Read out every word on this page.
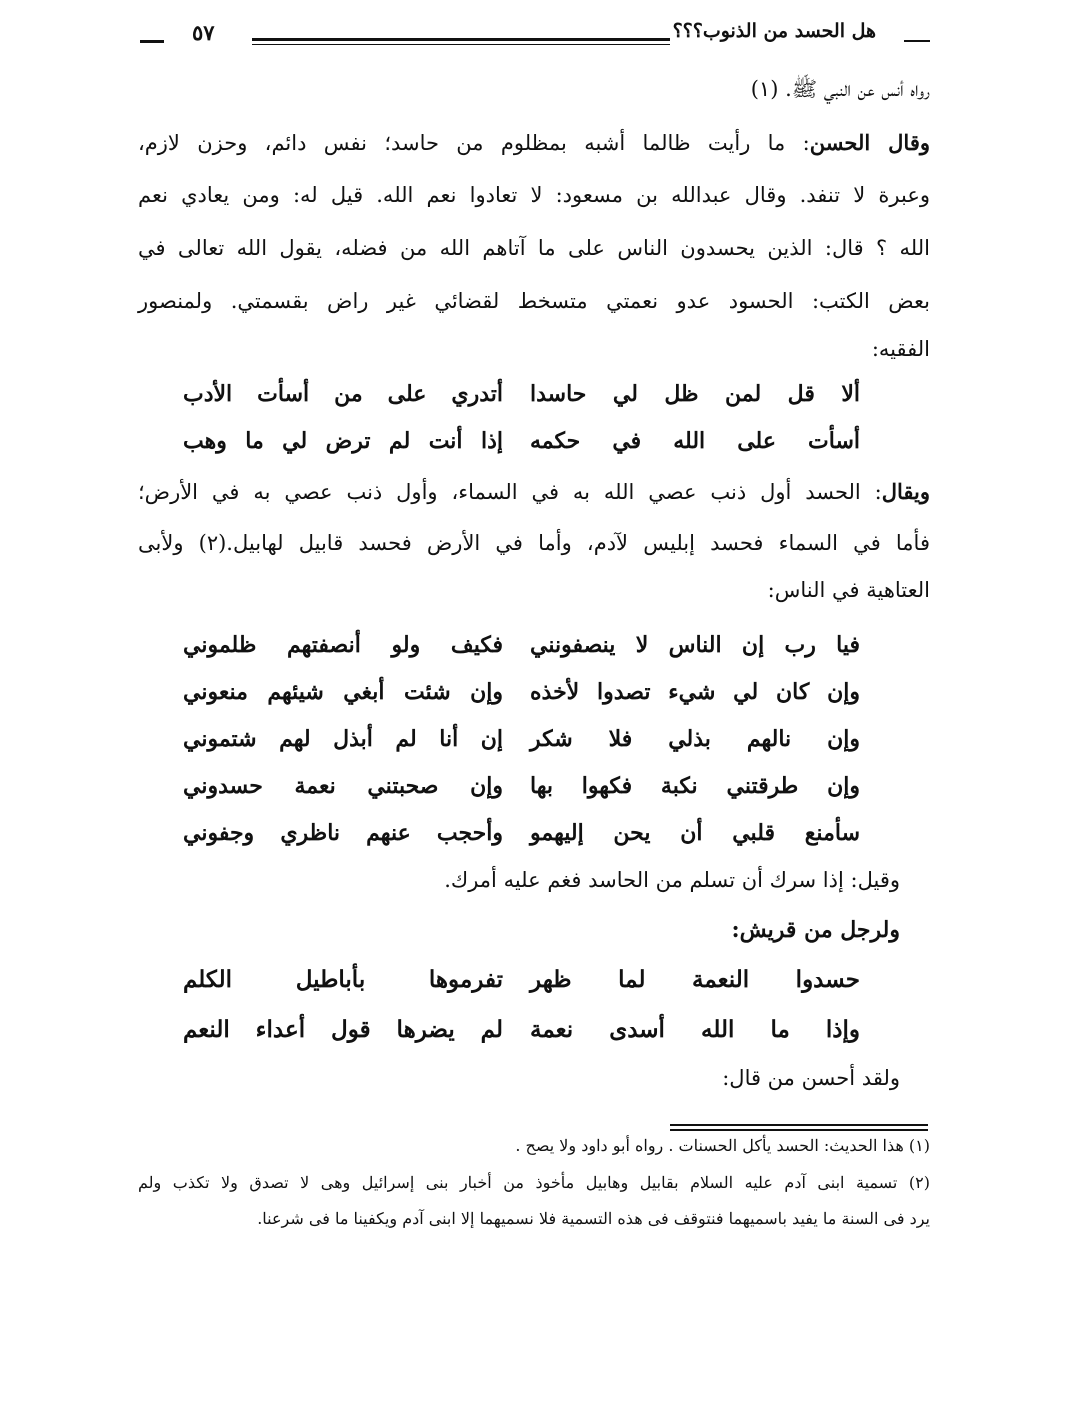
هل الحسد من الذنوب؟؟؟
٥٧
رواه أنس عن النبي ﷺ. (١)
وقال الحسن: ما رأيت ظالما أشبه بمظلوم من حاسد؛ نفس دائم، وحزن لازم،
وعبرة لا تنفد. وقال عبدالله بن مسعود: لا تعادوا نعم الله. قيل له: ومن يعادي نعم
الله ؟ قال: الذين يحسدون الناس على ما آتاهم الله من فضله، يقول الله تعالى في
بعض الكتب: الحسود عدو نعمتي متسخط لقضائي غير راض بقسمتي. ولمنصور
الفقيه:
ألا قل لمن ظل لي حاسدا
أتدري على من أسأت الأدب
أسأت على الله في حكمه
إذا أنت لم ترض لي ما وهب
ويقال: الحسد أول ذنب عصي الله به في السماء، وأول ذنب عصي به في الأرض؛
فأما في السماء فحسد إبليس لآدم، وأما في الأرض فحسد قابيل لهابيل.(٢) ولأبى
العتاهية في الناس:
فيا رب إن الناس لا ينصفونني
فكيف ولو أنصفتهم ظلموني
وإن كان لي شيء تصدوا لأخذه
وإن شئت أبغي شيئهم منعوني
وإن نالهم بذلي فلا شكر
إن أنا لم أبذل لهم شتموني
وإن طرقتني نكبة فكهوا بها
وإن صحبتني نعمة حسدوني
سأمنع قلبي أن يحن إليهمو
وأحجب عنهم ناظري وجفوني
وقيل: إذا سرك أن تسلم من الحاسد فغم عليه أمرك.
ولرجل من قريش:
حسدوا النعمة لما ظهر
تفرموها بأباطيل الكلم
وإذا ما الله أسدى نعمة
لم يضرها قول أعداء النعم
ولقد أحسن من قال:
(١) هذا الحديث: الحسد يأكل الحسنات . رواه أبو داود ولا يصح .
(٢) تسمية ابنى آدم عليه السلام بقابيل وهابيل مأخوذ من أخبار بنى إسرائيل وهى لا تصدق ولا تكذب ولم
يرد فى السنة ما يفيد باسميهما فنتوقف فى هذه التسمية فلا نسميهما إلا ابنى آدم ويكفينا ما فى شرعنا.
